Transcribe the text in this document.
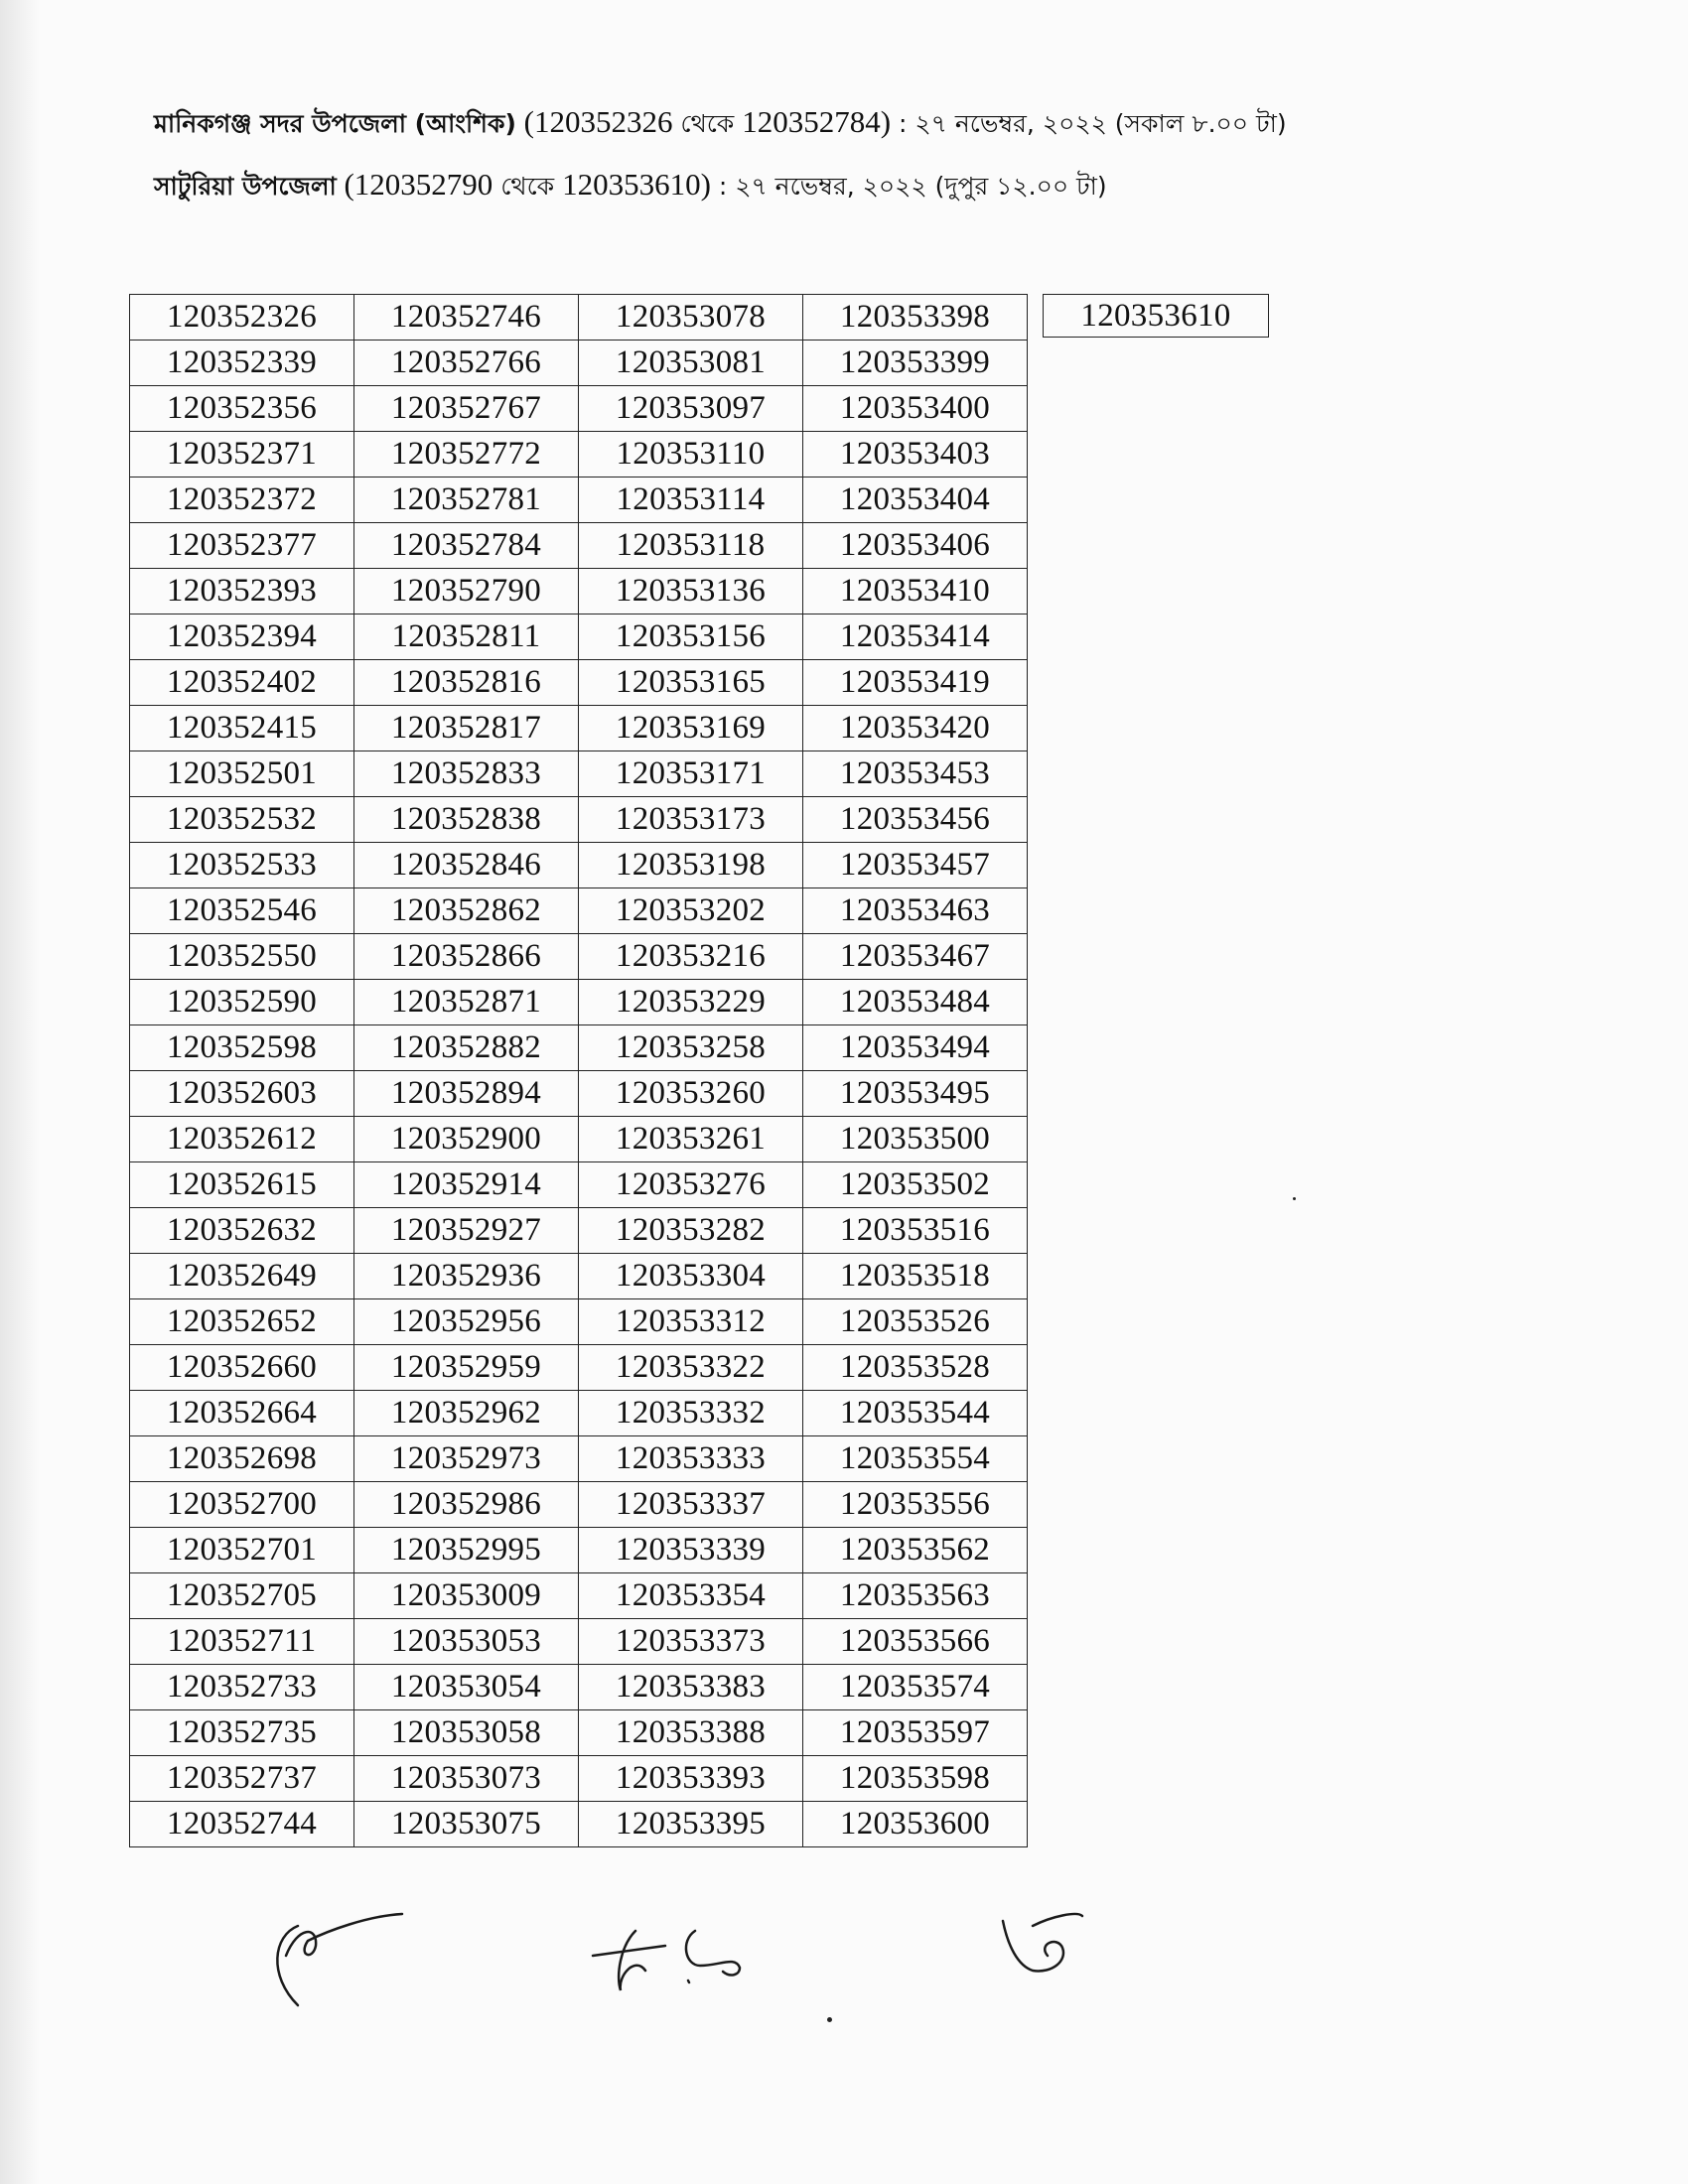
মানিকগঞ্জ সদর উপজেলা (আংশিক) (120352326 থেকে 120352784) : ২৭ নভেম্বর, ২০২২ (সকাল ৮.০০ টা)
সাটুরিয়া উপজেলা (120352790 থেকে 120353610) : ২৭ নভেম্বর, ২০২২ (দুপুর ১২.০০ টা)
120352326	120352746	120353078	120353398
120352339	120352766	120353081	120353399
120352356	120352767	120353097	120353400
120352371	120352772	120353110	120353403
120352372	120352781	120353114	120353404
120352377	120352784	120353118	120353406
120352393	120352790	120353136	120353410
120352394	120352811	120353156	120353414
120352402	120352816	120353165	120353419
120352415	120352817	120353169	120353420
120352501	120352833	120353171	120353453
120352532	120352838	120353173	120353456
120352533	120352846	120353198	120353457
120352546	120352862	120353202	120353463
120352550	120352866	120353216	120353467
120352590	120352871	120353229	120353484
120352598	120352882	120353258	120353494
120352603	120352894	120353260	120353495
120352612	120352900	120353261	120353500
120352615	120352914	120353276	120353502
120352632	120352927	120353282	120353516
120352649	120352936	120353304	120353518
120352652	120352956	120353312	120353526
120352660	120352959	120353322	120353528
120352664	120352962	120353332	120353544
120352698	120352973	120353333	120353554
120352700	120352986	120353337	120353556
120352701	120352995	120353339	120353562
120352705	120353009	120353354	120353563
120352711	120353053	120353373	120353566
120352733	120353054	120353383	120353574
120352735	120353058	120353388	120353597
120352737	120353073	120353393	120353598
120352744	120353075	120353395	120353600
120353610
